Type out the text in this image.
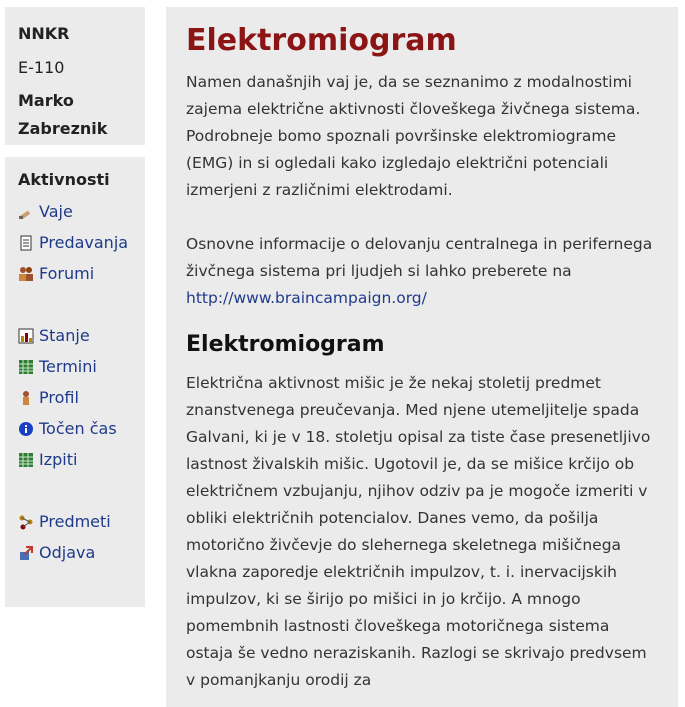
NNKR
E-110
Marko
Zabreznik
Aktivnosti
Vaje
Predavanja
Forumi
Stanje
Termini
Profil
Točen čas
Izpiti
Predmeti
Odjava
Elektromiogram

Namen današnjih vaj je, da se seznanimo z modalnostimi zajema električne aktivnosti človeškega živčnega sistema. Podrobneje bomo spoznali površinske elektromiograme (EMG) in si ogledali kako izgledajo električni potenciali izmerjeni z različnimi elektrodami.

Osnovne informacije o delovanju centralnega in perifernega živčnega sistema pri ljudjeh si lahko preberete na http://www.braincampaign.org/

Elektromiogram

Električna aktivnost mišic je že nekaj stoletij predmet znanstvenega preučevanja. Med njene utemeljitelje spada Galvani, ki je v 18. stoletju opisal za tiste čase presenetljivo lastnost živalskih mišic. Ugotovil je, da se mišice krčijo ob električnem vzbujanju, njihov odziv pa je mogoče izmeriti v obliki električnih potencialov. Danes vemo, da pošilja motorično živčevje do slehernega skeletnega mišičnega vlakna zaporedje električnih impulzov, t. i. inervacijskih impulzov, ki se širijo po mišici in jo krčijo. A mnogo pomembnih lastnosti človeškega motoričnega sistema ostaja še vedno neraziskanih. Razlogi se skrivajo predvsem v pomanjkanju orodij za
